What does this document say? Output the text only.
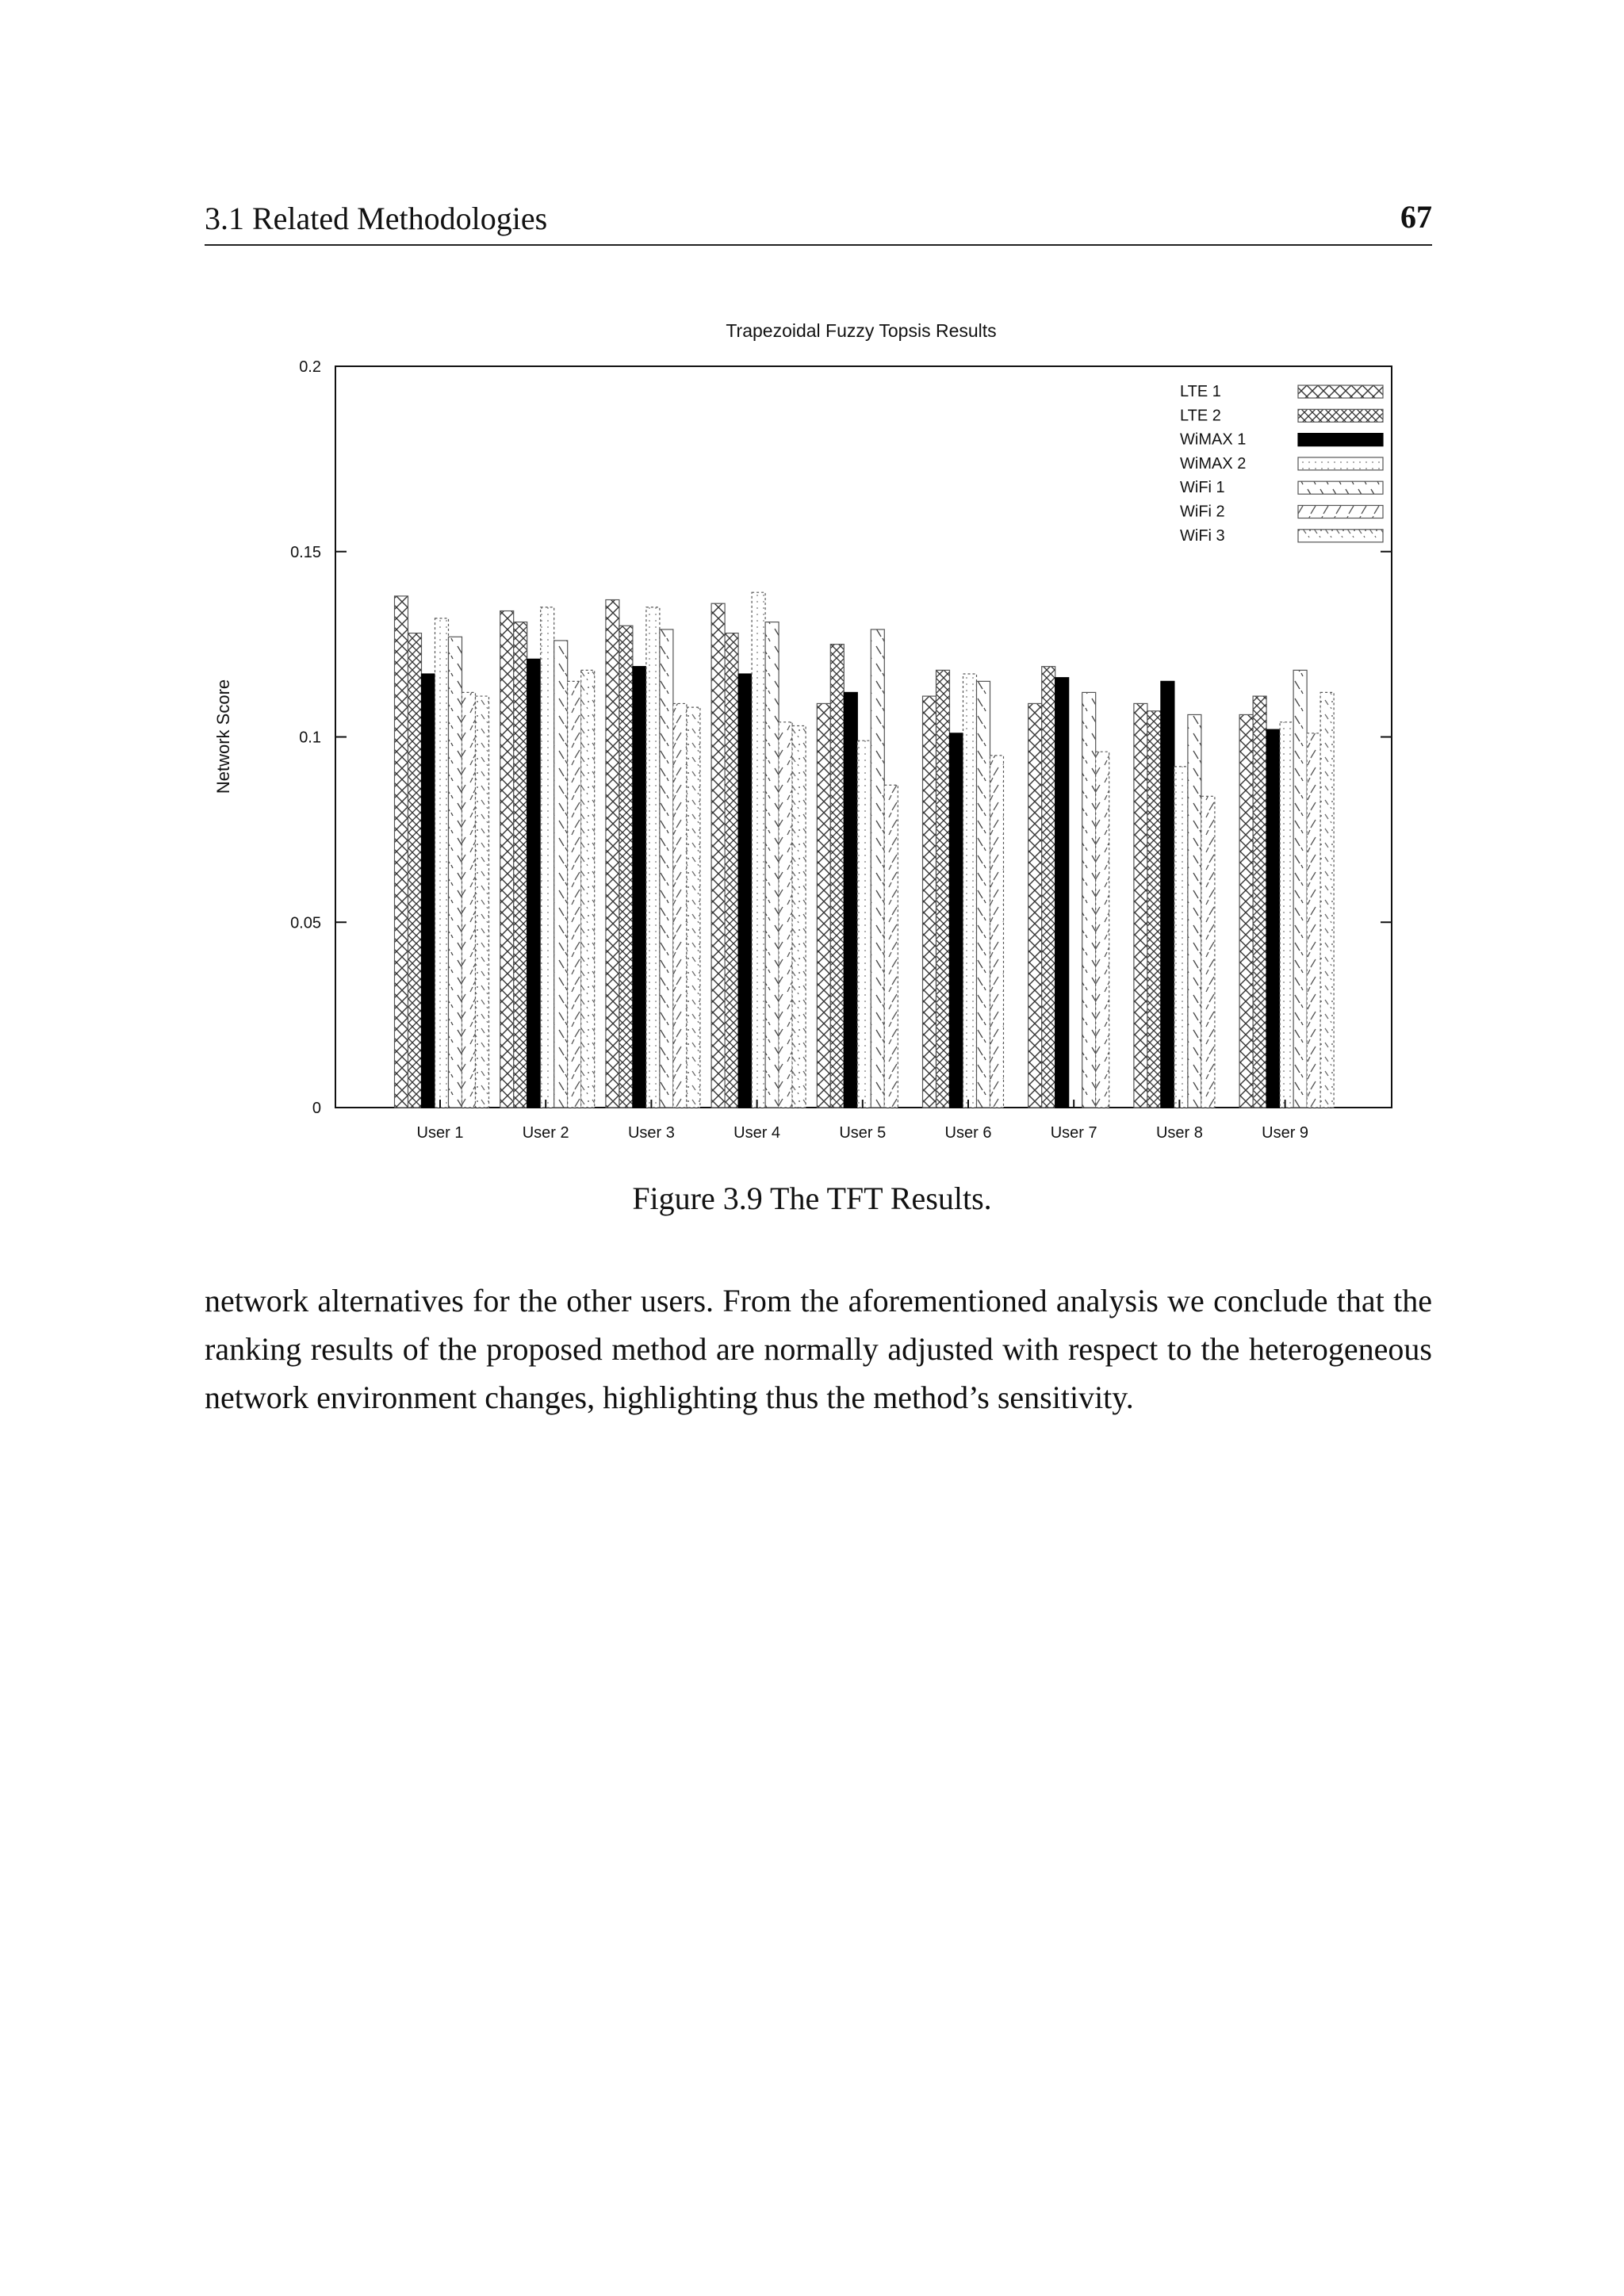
3.1 Related Methodologies	67
Trapezoidal Fuzzy Topsis Results
Network Score
0
0.05
0.1
0.15
0.2
User 1	User 2	User 3	User 4	User 5	User 6	User 7	User 8	User 9
LTE 1
LTE 2
WiMAX 1
WiMAX 2
WiFi 1
WiFi 2
WiFi 3
Figure 3.9 The TFT Results.
network alternatives for the other users. From the aforementioned analysis we conclude that the ranking results of the proposed method are normally adjusted with respect to the heterogeneous network environment changes, highlighting thus the method’s sensitivity.
